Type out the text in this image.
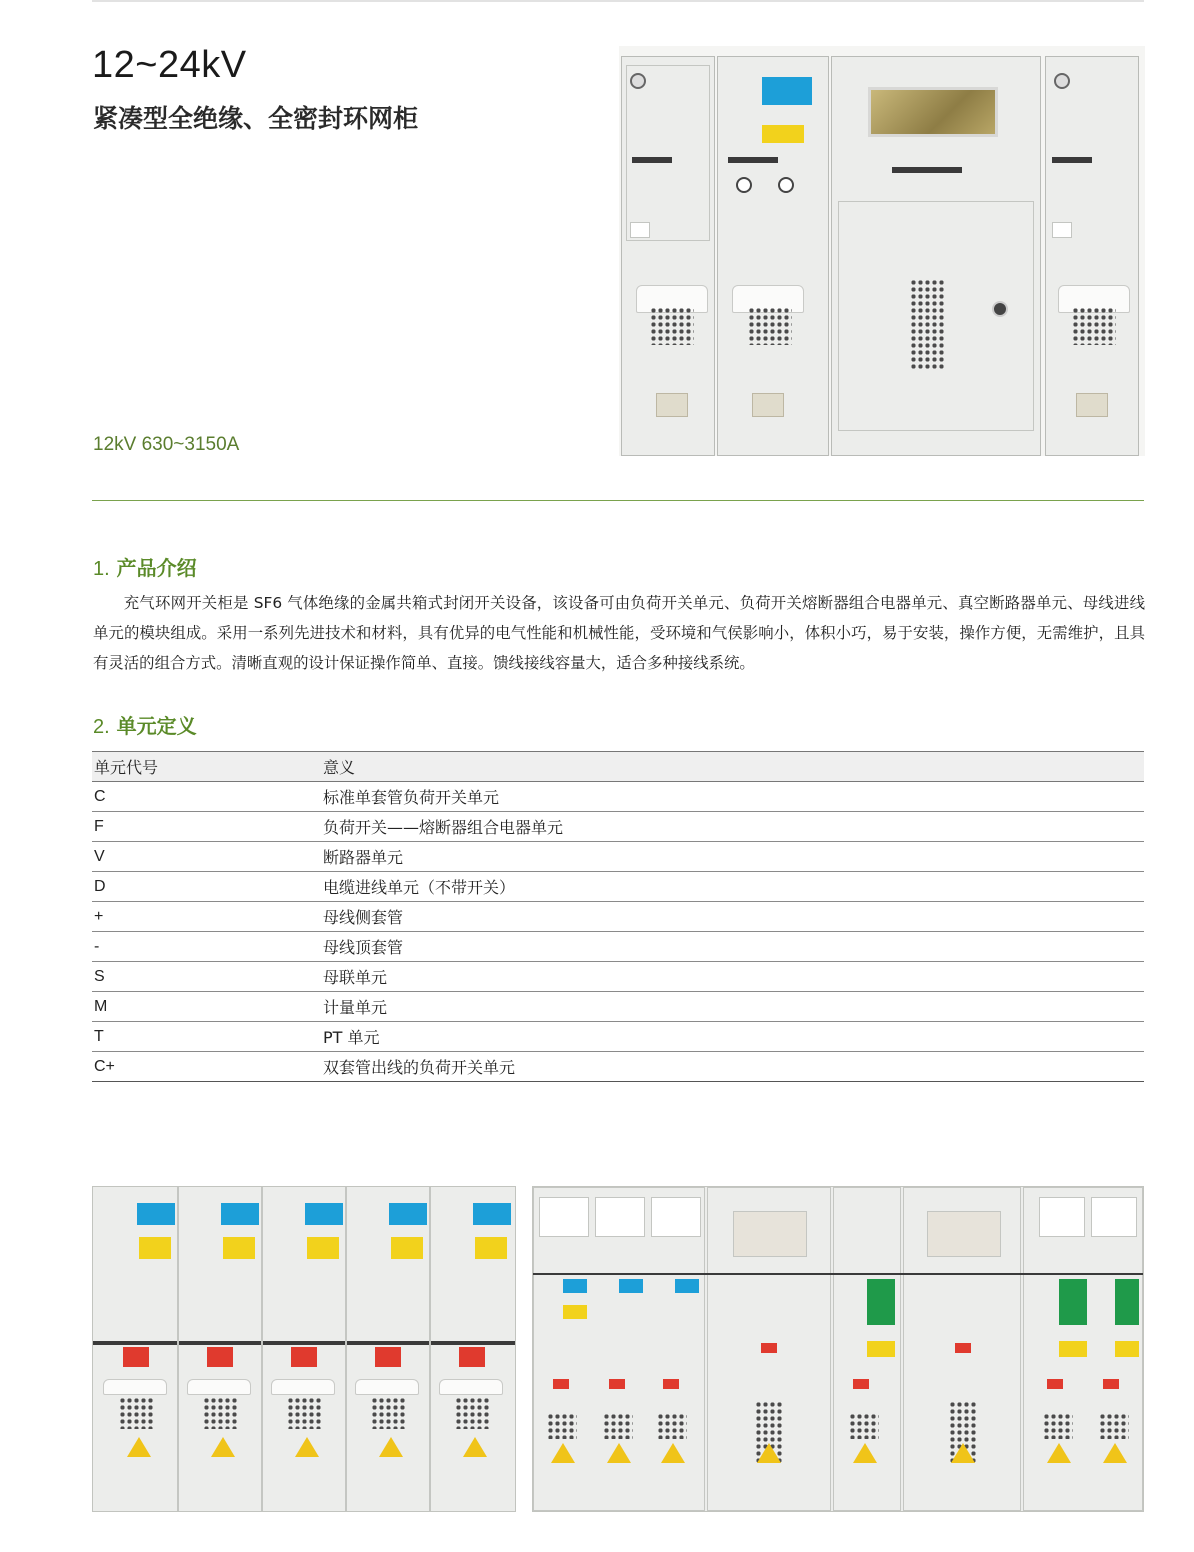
12~24kV
紧凑型全绝缘、全密封环网柜
12kV 630~3150A
1. 产品介绍
充气环网开关柜是 SF6 气体绝缘的金属共箱式封闭开关设备，该设备可由负荷开关单元、负荷开关熔断器组合电器单元、真空断路器单元、母线进线单元的模块组成。采用一系列先进技术和材料，具有优异的电气性能和机械性能，受环境和气侯影响小，体积小巧，易于安装，操作方便，无需维护，且具有灵活的组合方式。清晰直观的设计保证操作简单、直接。馈线接线容量大，适合多种接线系统。
2. 单元定义
单元代号	意义
C	标准单套管负荷开关单元
F	负荷开关——熔断器组合电器单元
V	断路器单元
D	电缆进线单元（不带开关）
+	母线侧套管
-	母线顶套管
S	母联单元
M	计量单元
T	PT 单元
C+	双套管出线的负荷开关单元
